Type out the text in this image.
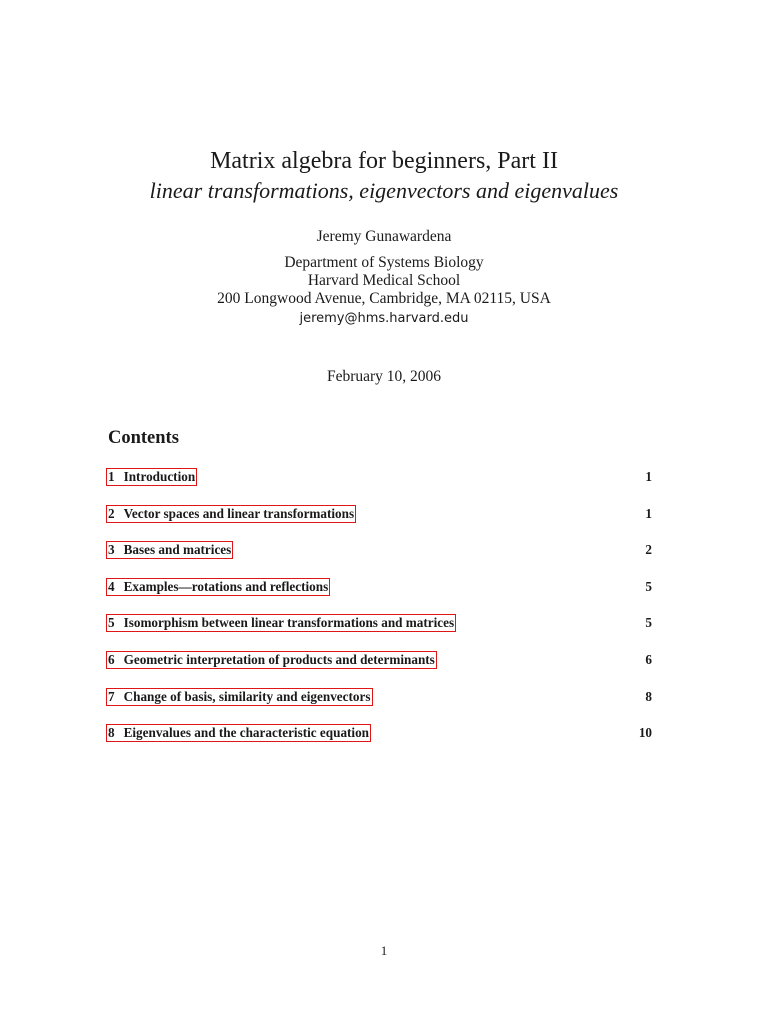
Matrix algebra for beginners, Part II
linear transformations, eigenvectors and eigenvalues
Jeremy Gunawardena
Department of Systems Biology
Harvard Medical School
200 Longwood Avenue, Cambridge, MA 02115, USA
jeremy@hms.harvard.edu
February 10, 2006
Contents
1 Introduction	1
2 Vector spaces and linear transformations	1
3 Bases and matrices	2
4 Examples—rotations and reflections	5
5 Isomorphism between linear transformations and matrices	5
6 Geometric interpretation of products and determinants	6
7 Change of basis, similarity and eigenvectors	8
8 Eigenvalues and the characteristic equation	10
1
